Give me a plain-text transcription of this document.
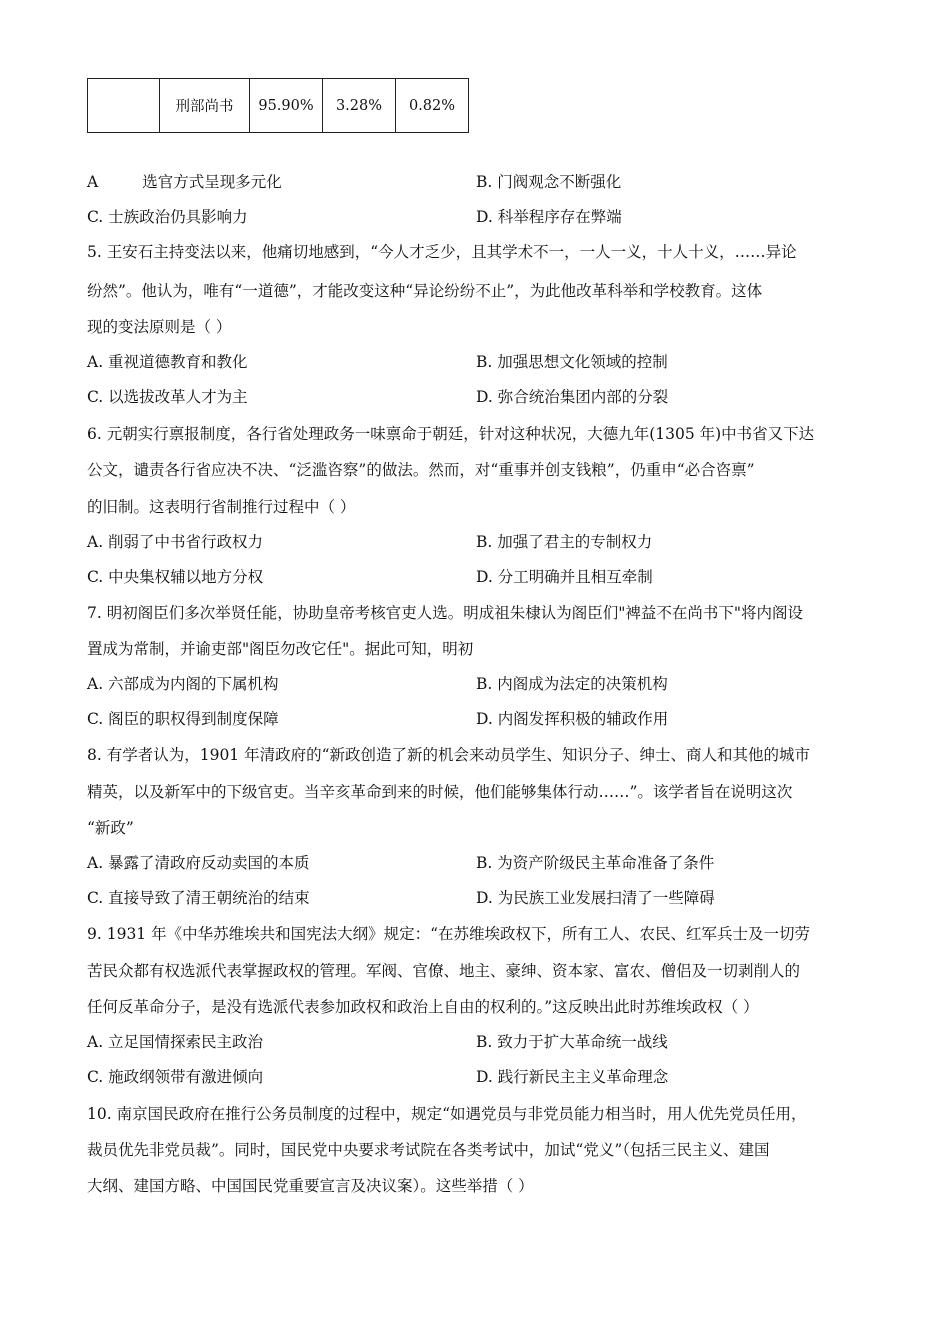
	刑部尚书	95.90%	3.28%	0.82%
A	选官方式呈现多元化	B. 门阀观念不断强化
C. 士族政治仍具影响力	D. 科举程序存在弊端
5. 王安石主持变法以来，他痛切地感到，“今人才乏少，且其学术不一，一人一义，十人十义，……异论
纷然”。他认为，唯有“一道德”，才能改变这种“异论纷纷不止”，为此他改革科举和学校教育。这体
现的变法原则是（ ）
A. 重视道德教育和教化	B. 加强思想文化领域的控制
C. 以选拔改革人才为主	D. 弥合统治集团内部的分裂
6. 元朝实行禀报制度，各行省处理政务一味禀命于朝廷，针对这种状况，大德九年(1305 年)中书省又下达
公文，谴责各行省应决不决、“泛滥咨察”的做法。然而，对“重事并创支钱粮”，仍重申“必合咨禀”
的旧制。这表明行省制推行过程中（ ）
A. 削弱了中书省行政权力	B. 加强了君主的专制权力
C. 中央集权辅以地方分权	D. 分工明确并且相互牵制
7. 明初阁臣们多次举贤任能，协助皇帝考核官吏人选。明成祖朱棣认为阁臣们"裨益不在尚书下"将内阁设
置成为常制，并谕吏部"阁臣勿改它任"。据此可知，明初
A. 六部成为内阁的下属机构	B. 内阁成为法定的决策机构
C. 阁臣的职权得到制度保障	D. 内阁发挥积极的辅政作用
8. 有学者认为，1901 年清政府的“新政创造了新的机会来动员学生、知识分子、绅士、商人和其他的城市
精英，以及新军中的下级官吏。当辛亥革命到来的时候，他们能够集体行动……”。该学者旨在说明这次
“新政”
A. 暴露了清政府反动卖国的本质	B. 为资产阶级民主革命准备了条件
C. 直接导致了清王朝统治的结束	D. 为民族工业发展扫清了一些障碍
9. 1931 年《中华苏维埃共和国宪法大纲》规定：“在苏维埃政权下，所有工人、农民、红军兵士及一切劳
苦民众都有权选派代表掌握政权的管理。军阀、官僚、地主、豪绅、资本家、富农、僧侣及一切剥削人的
任何反革命分子，是没有选派代表参加政权和政治上自由的权利的。”这反映出此时苏维埃政权（ ）
A. 立足国情探索民主政治	B. 致力于扩大革命统一战线
C. 施政纲领带有激进倾向	D. 践行新民主主义革命理念
10. 南京国民政府在推行公务员制度的过程中，规定“如遇党员与非党员能力相当时，用人优先党员任用，
裁员优先非党员裁”。同时，国民党中央要求考试院在各类考试中，加试“党义”（包括三民主义、建国
大纲、建国方略、中国国民党重要宣言及决议案）。这些举措（ ）
